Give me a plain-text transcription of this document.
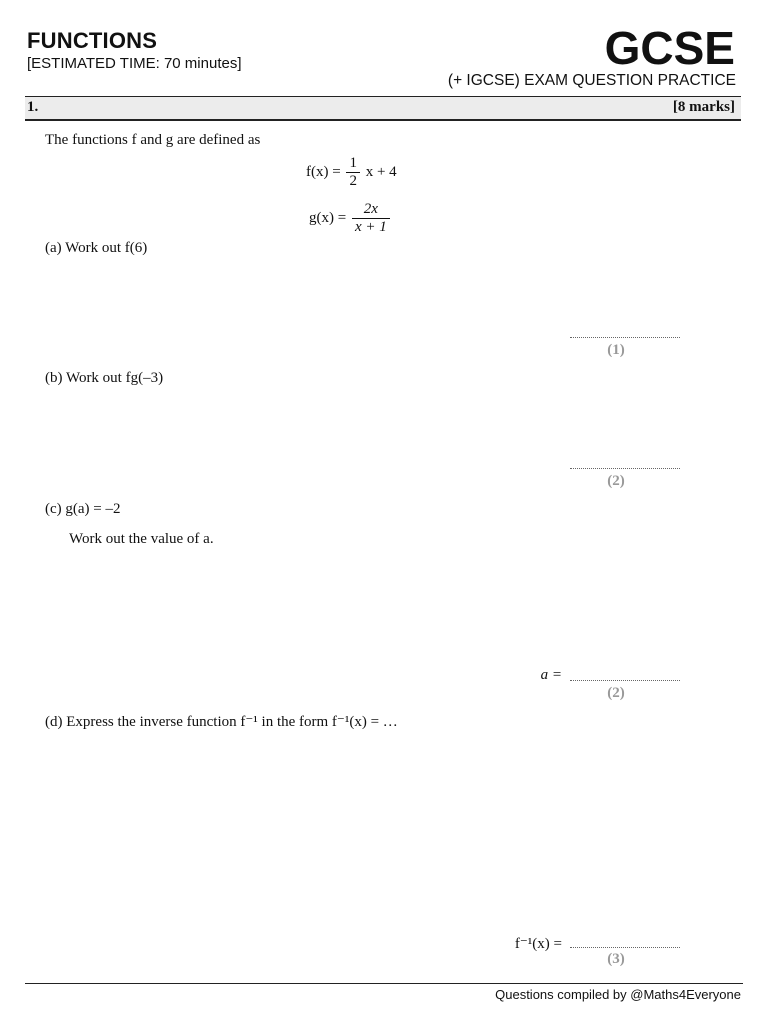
FUNCTIONS
[ESTIMATED TIME: 70 minutes]	GCSE
(+ IGCSE) EXAM QUESTION PRACTICE
1.	[8 marks]
The functions f and g are defined as
$f(x) = \frac{1}{2}$ x + 4
$g(x) = \frac{2x}{x + 1}$
(a) Work out f(6)
(1)
(b) Work out fg(–3)
(2)
(c) g(a) = –2
Work out the value of a.
a =
(2)
(d) Express the inverse function f⁻¹ in the form f⁻¹(x) = …
f⁻¹(x) =
(3)
Questions compiled by @Maths4Everyone
